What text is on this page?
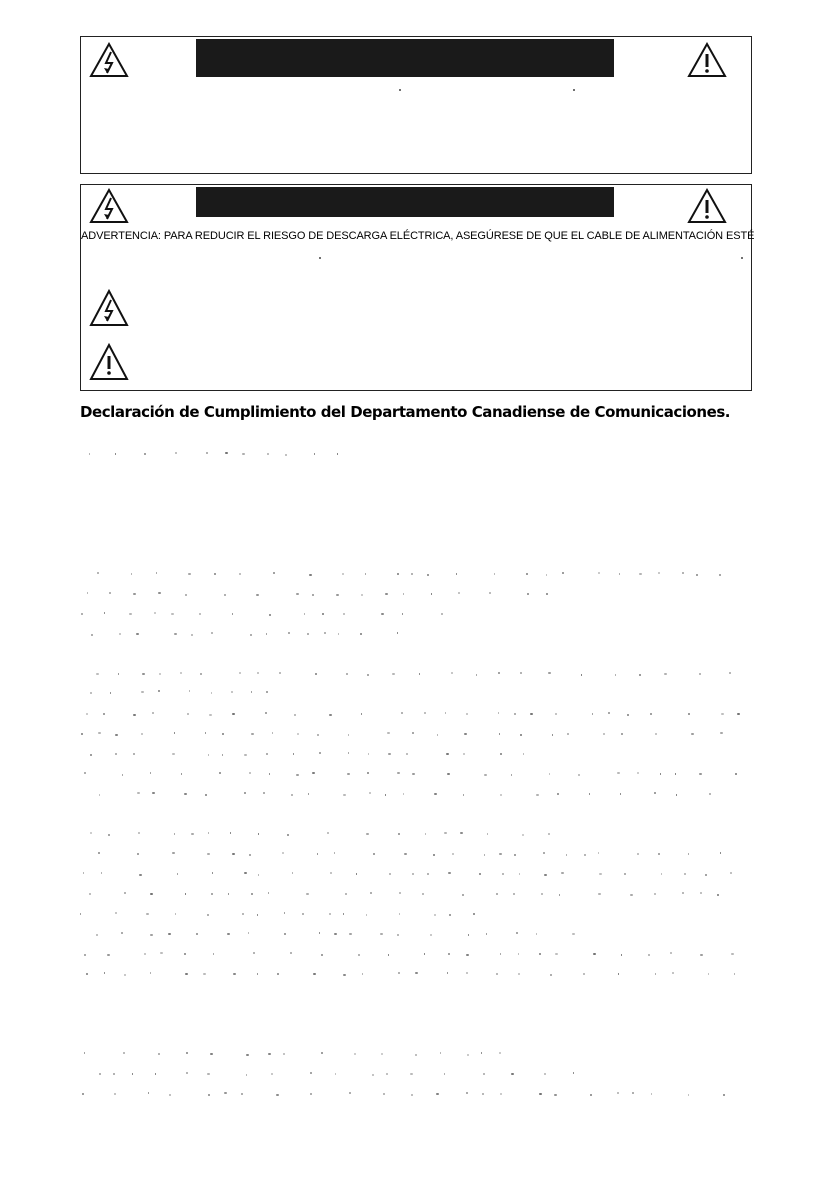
ADVERTENCIA: PARA REDUCIR EL RIESGO DE DESCARGA ELÉCTRICA, ASEGÚRESE DE QUE EL CABLE DE ALIMENTACIÓN ESTÉ
Declaración de Cumplimiento del Departamento Canadiense de Comunicaciones.
